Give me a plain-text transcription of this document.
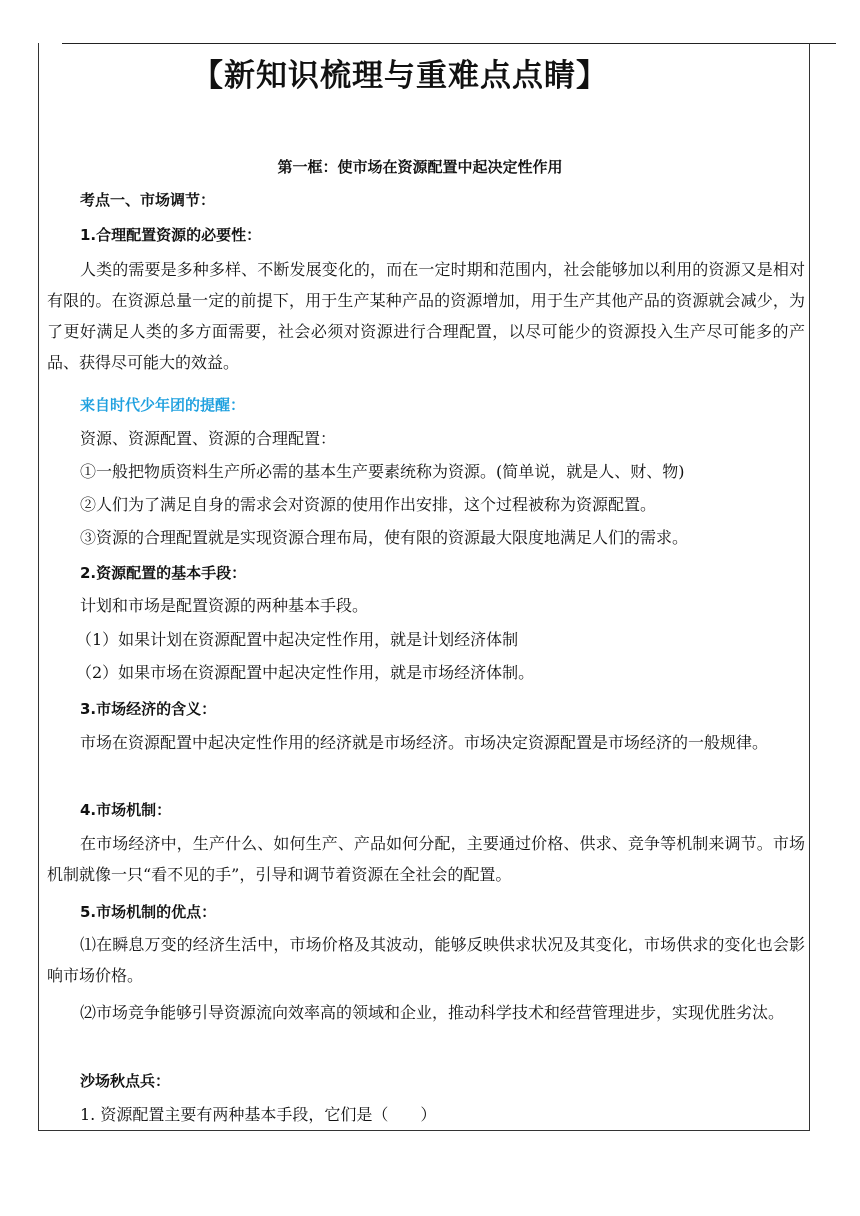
【新知识梳理与重难点点睛】
第一框：使市场在资源配置中起决定性作用
考点一、市场调节：
1.合理配置资源的必要性：

人类的需要是多种多样、不断发展变化的，而在一定时期和范围内，社会能够加以利用的资源又是相对有限的。在资源总量一定的前提下，用于生产某种产品的资源增加，用于生产其他产品的资源就会减少，为了更好满足人类的多方面需要，社会必须对资源进行合理配置，以尽可能少的资源投入生产尽可能多的产品、获得尽可能大的效益。

来自时代少年团的提醒：
资源、资源配置、资源的合理配置：
①一般把物质资料生产所必需的基本生产要素统称为资源。(简单说，就是人、财、物)
②人们为了满足自身的需求会对资源的使用作出安排，这个过程被称为资源配置。
③资源的合理配置就是实现资源合理布局，使有限的资源最大限度地满足人们的需求。
2.资源配置的基本手段：
计划和市场是配置资源的两种基本手段。
（1）如果计划在资源配置中起决定性作用，就是计划经济体制
（2）如果市场在资源配置中起决定性作用，就是市场经济体制。
3.市场经济的含义：

市场在资源配置中起决定性作用的经济就是市场经济。市场决定资源配置是市场经济的一般规律。

4.市场机制：

在市场经济中，生产什么、如何生产、产品如何分配，主要通过价格、供求、竞争等机制来调节。市场机制就像一只“看不见的手”，引导和调节着资源在全社会的配置。

5.市场机制的优点：

⑴在瞬息万变的经济生活中，市场价格及其波动，能够反映供求状况及其变化，市场供求的变化也会影响市场价格。

⑵市场竞争能够引导资源流向效率高的领域和企业，推动科学技术和经营管理进步，实现优胜劣汰。

沙场秋点兵：
1. 资源配置主要有两种基本手段，它们是（　　）
